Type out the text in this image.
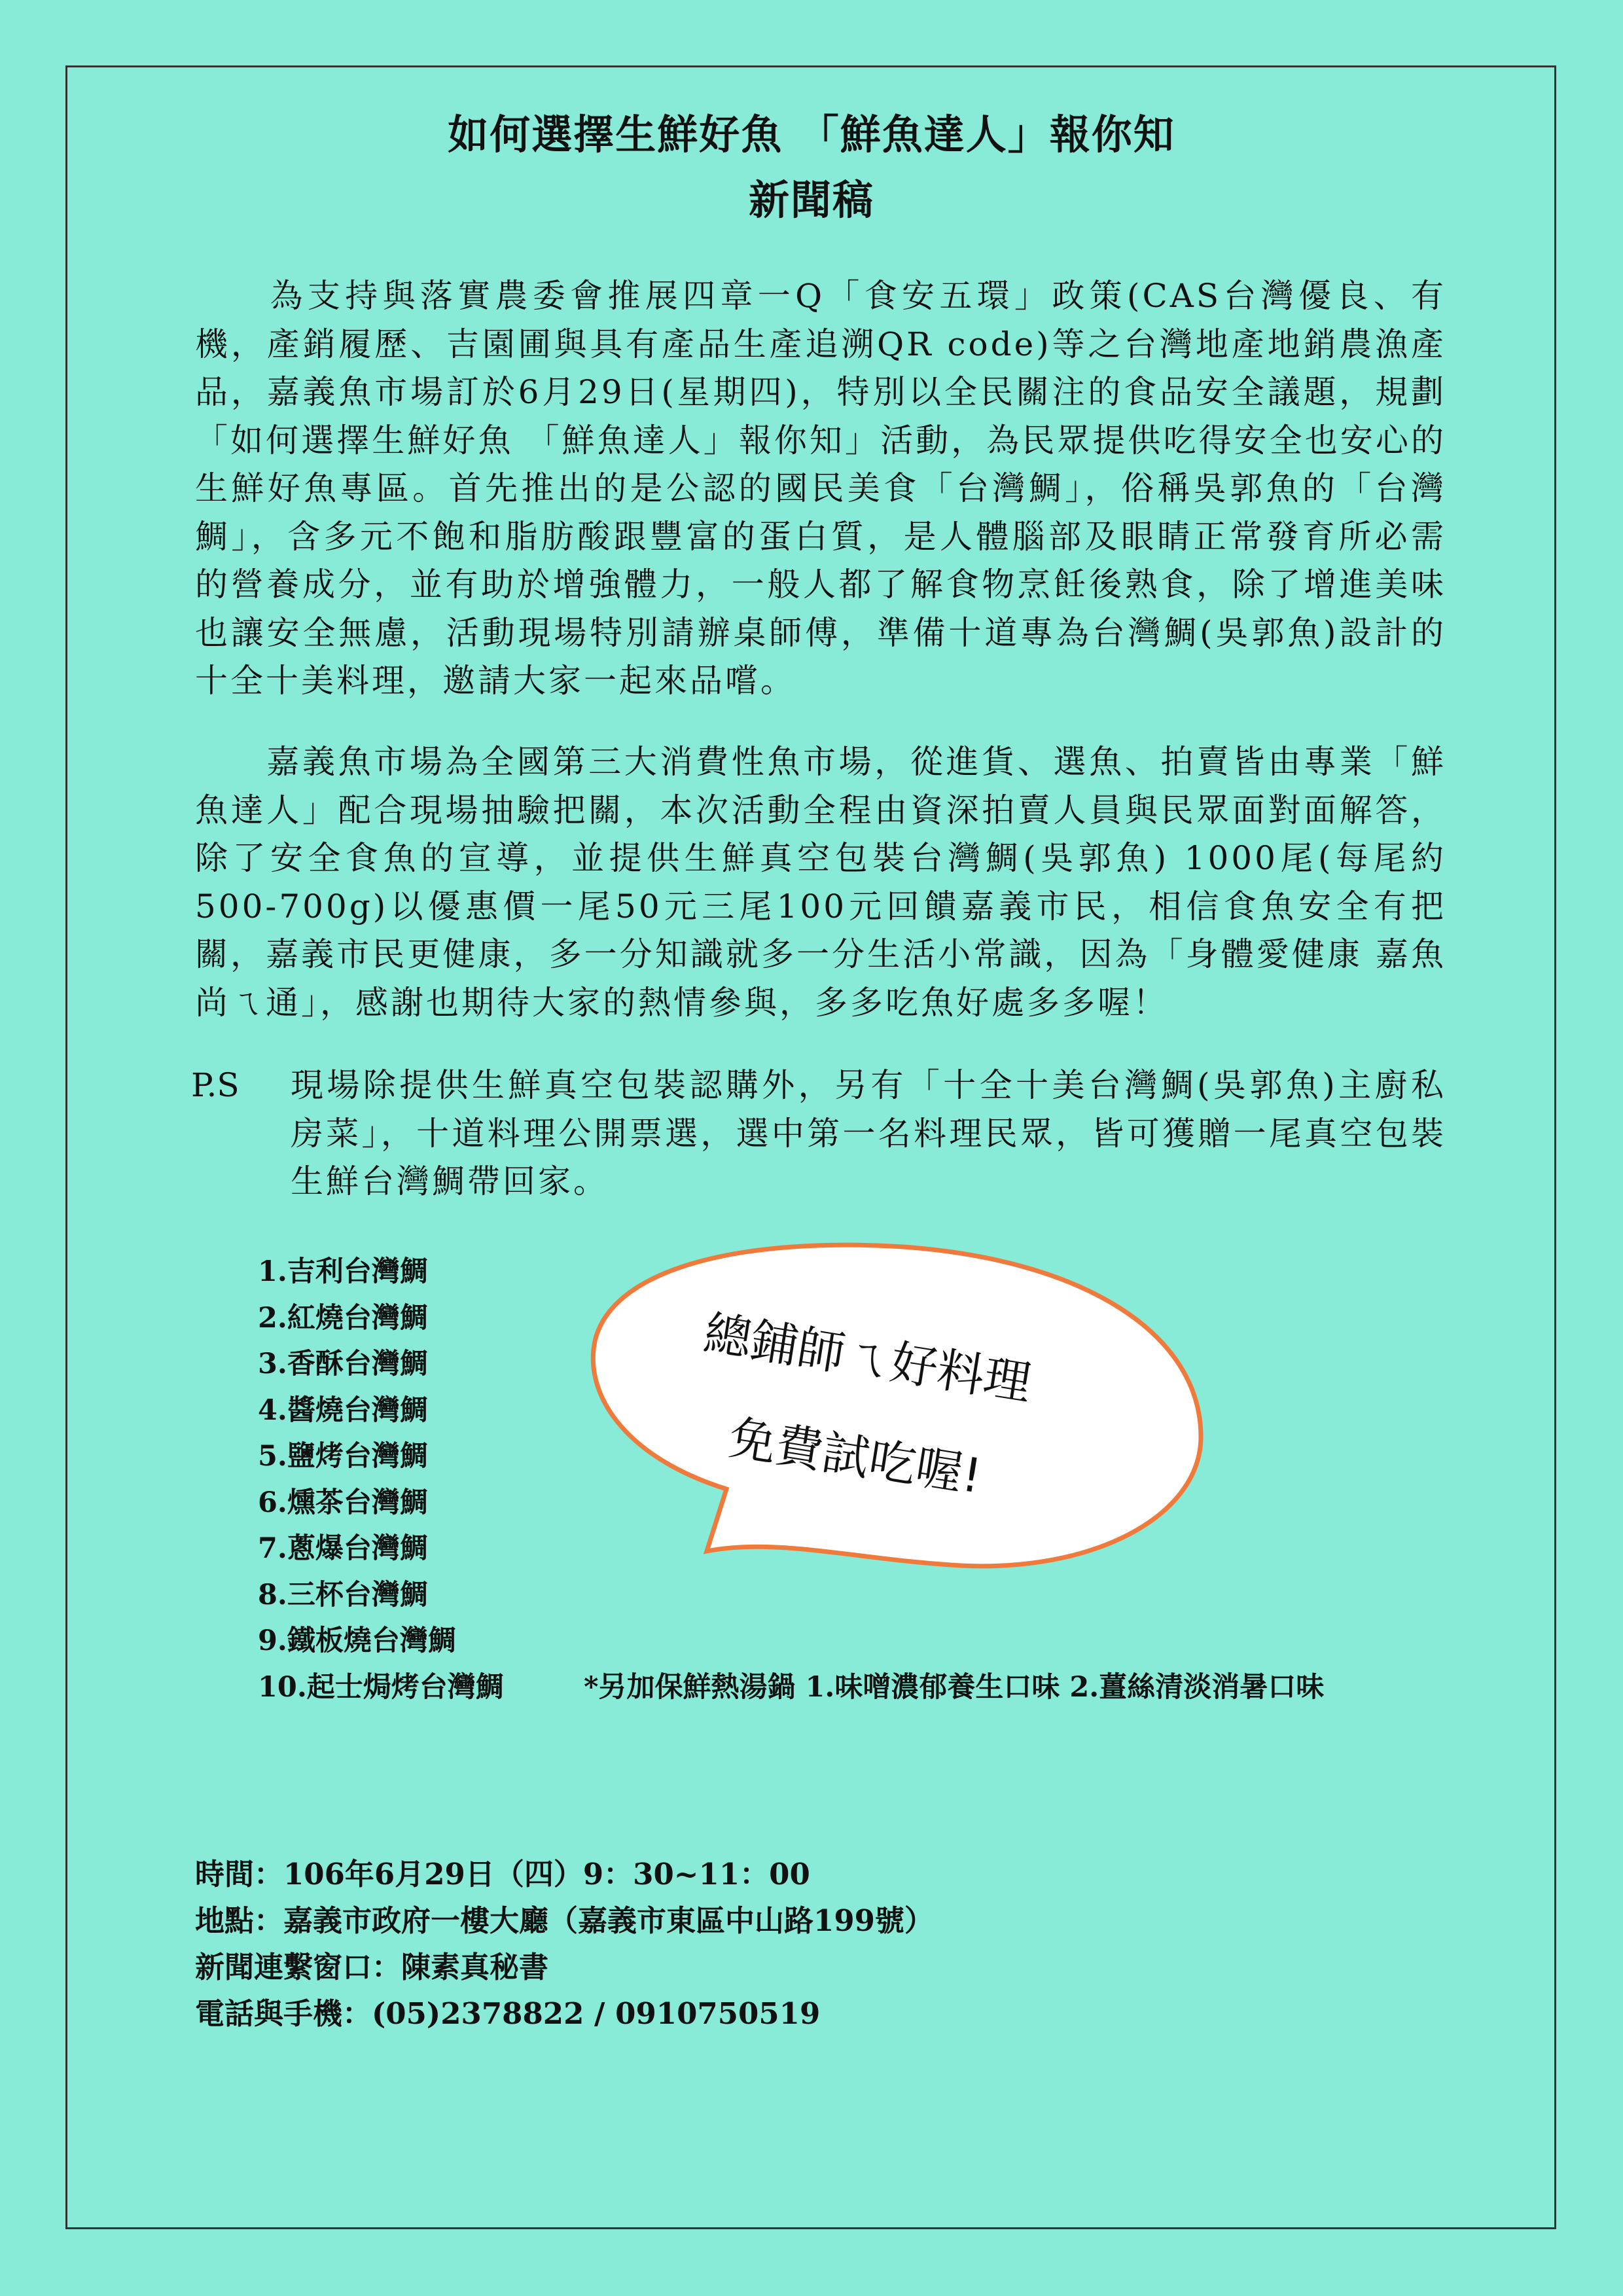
如何選擇生鮮好魚 「鮮魚達人」報你知
新聞稿
　　為支持與落實農委會推展四章一Q「食安五環」政策(CAS台灣優良、有機，產銷履歷、吉園圃與具有產品生產追溯QR code)等之台灣地產地銷農漁產品，嘉義魚市場訂於6月29日(星期四)，特別以全民關注的食品安全議題，規劃「如何選擇生鮮好魚 「鮮魚達人」報你知」活動，為民眾提供吃得安全也安心的生鮮好魚專區。首先推出的是公認的國民美食「台灣鯛」，俗稱吳郭魚的「台灣鯛」，含多元不飽和脂肪酸跟豐富的蛋白質，是人體腦部及眼睛正常發育所必需的營養成分，並有助於增強體力，一般人都了解食物烹飪後熟食，除了增進美味也讓安全無慮，活動現場特別請辦桌師傅，準備十道專為台灣鯛(吳郭魚)設計的十全十美料理，邀請大家一起來品嚐。
　　嘉義魚市場為全國第三大消費性魚市場，從進貨、選魚、拍賣皆由專業「鮮魚達人」配合現場抽驗把關，本次活動全程由資深拍賣人員與民眾面對面解答，除了安全食魚的宣導，並提供生鮮真空包裝台灣鯛(吳郭魚) 1000尾(每尾約500-700g)以優惠價一尾50元三尾100元回饋嘉義市民，相信食魚安全有把關，嘉義市民更健康，多一分知識就多一分生活小常識，因為「身體愛健康 嘉魚尚ㄟ通」，感謝也期待大家的熱情參與，多多吃魚好處多多喔！
P.S 現場除提供生鮮真空包裝認購外，另有「十全十美台灣鯛(吳郭魚)主廚私房菜」，十道料理公開票選，選中第一名料理民眾，皆可獲贈一尾真空包裝生鮮台灣鯛帶回家。
1.吉利台灣鯛
2.紅燒台灣鯛
3.香酥台灣鯛
4.醬燒台灣鯛
5.鹽烤台灣鯛
6.燻茶台灣鯛
7.蔥爆台灣鯛
8.三杯台灣鯛
9.鐵板燒台灣鯛
10.起士焗烤台灣鯛	*另加保鮮熱湯鍋 1.味噌濃郁養生口味 2.薑絲清淡消暑口味
總鋪師ㄟ好料理
免費試吃喔!
時間：106年6月29日（四）9：30~11：00
地點：嘉義市政府一樓大廳（嘉義市東區中山路199號）
新聞連繫窗口：陳素真秘書
電話與手機：(05)2378822 / 0910750519
